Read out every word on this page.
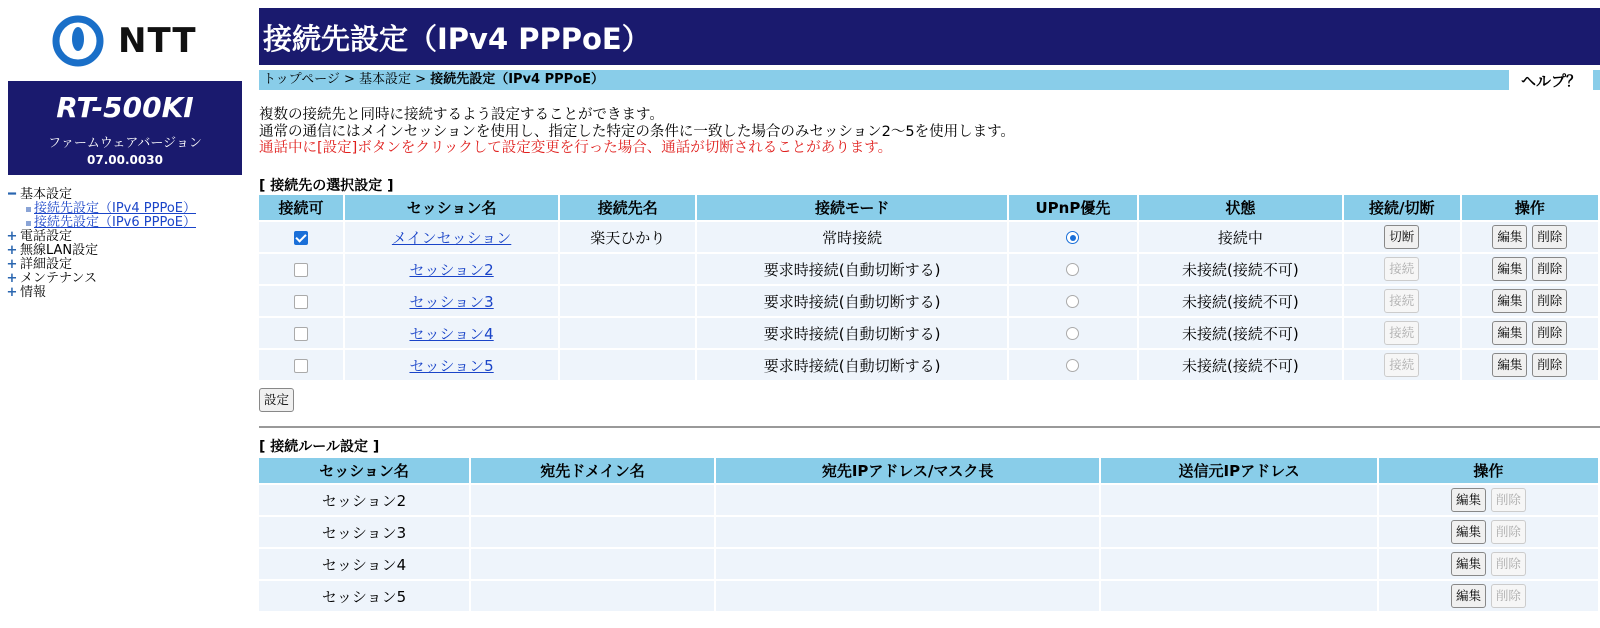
NTT
RT-500KI
ファームウェアバージョン
07.00.0030
━ 基本設定
接続先設定（IPv4 PPPoE）
接続先設定（IPv6 PPPoE）
+ 電話設定
+ 無線LAN設定
+ 詳細設定
+ メンテナンス
+ 情報
接続先設定（IPv4 PPPoE）
トップページ > 基本設定 > 接続先設定（IPv4 PPPoE）	ヘルプ？
複数の接続先と同時に接続するよう設定することができます。
通常の通信にはメインセッションを使用し、指定した特定の条件に一致した場合のみセッション2～5を使用します。
通話中に[設定]ボタンをクリックして設定変更を行った場合、通話が切断されることがあります。
[ 接続先の選択設定 ]
接続可	セッション名	接続先名	接続モード	UPnP優先	状態	接続/切断	操作
	メインセッション	楽天ひかり	常時接続		接続中	切断	編集 削除
	セッション2		要求時接続(自動切断する)		未接続(接続不可)	接続	編集 削除
	セッション3		要求時接続(自動切断する)		未接続(接続不可)	接続	編集 削除
	セッション4		要求時接続(自動切断する)		未接続(接続不可)	接続	編集 削除
	セッション5		要求時接続(自動切断する)		未接続(接続不可)	接続	編集 削除
設定
[ 接続ルール設定 ]
セッション名	宛先ドメイン名	宛先IPアドレス/マスク長	送信元IPアドレス	操作
セッション2				編集 削除
セッション3				編集 削除
セッション4				編集 削除
セッション5				編集 削除
